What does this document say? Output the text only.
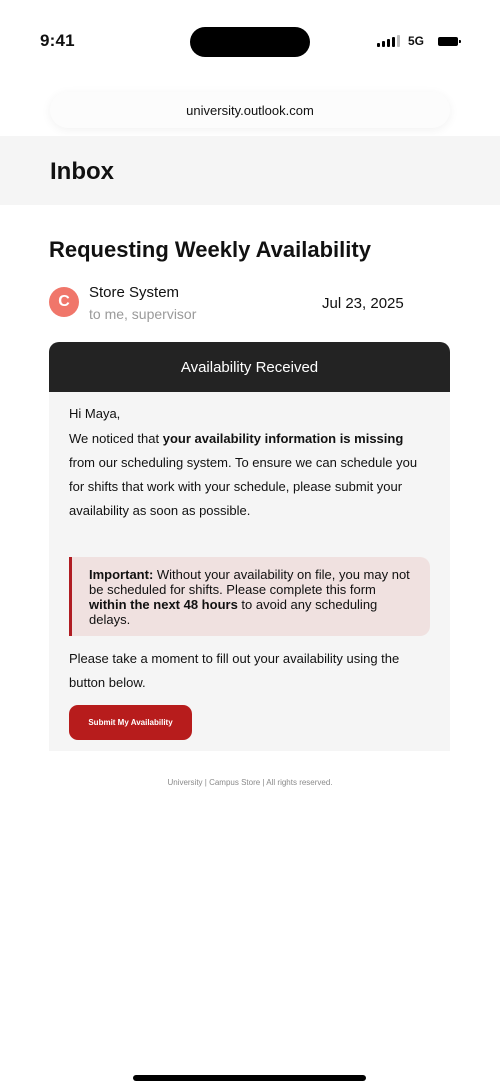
9:41	5G
university.outlook.com
Inbox
Requesting Weekly Availability
C
Store System
to me, supervisor
Jul 23, 2025
Availability Received
Hi Maya,

We noticed that your availability information is missing from our scheduling system. To ensure we can schedule you for shifts that work with your schedule, please submit your availability as soon as possible.

Important: Without your availability on file, you may not be scheduled for shifts. Please complete this form within the next 48 hours to avoid any scheduling delays.

Please take a moment to fill out your availability using the button below.

Submit My Availability
University | Campus Store | All rights reserved.
